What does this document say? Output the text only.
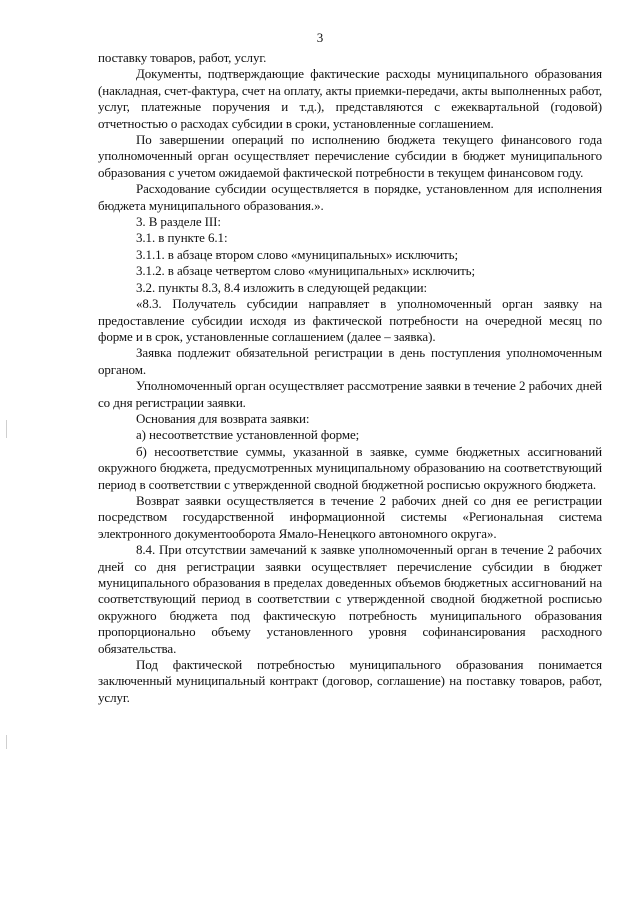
3

поставку товаров, работ, услуг.

Документы, подтверждающие фактические расходы муниципального образования (накладная, счет-фактура, счет на оплату, акты приемки-передачи, акты выполненных работ, услуг, платежные поручения и т.д.), представляются с ежеквартальной (годовой) отчетностью о расходах субсидии в сроки, установленные соглашением.

По завершении операций по исполнению бюджета текущего финансового года уполномоченный орган осуществляет перечисление субсидии в бюджет муниципального образования с учетом ожидаемой фактической потребности в текущем финансовом году.

Расходование субсидии осуществляется в порядке, установленном для исполнения бюджета муниципального образования.».

3. В разделе III:

3.1. в пункте 6.1:

3.1.1. в абзаце втором слово «муниципальных» исключить;

3.1.2. в абзаце четвертом слово «муниципальных» исключить;

3.2. пункты 8.3, 8.4 изложить в следующей редакции:

«8.3. Получатель субсидии направляет в уполномоченный орган заявку на предоставление субсидии исходя из фактической потребности на очередной месяц по форме и в срок, установленные соглашением (далее – заявка).

Заявка подлежит обязательной регистрации в день поступления уполномоченным органом.

Уполномоченный орган осуществляет рассмотрение заявки в течение 2 рабочих дней со дня регистрации заявки.

Основания для возврата заявки:

а) несоответствие установленной форме;

б) несоответствие суммы, указанной в заявке, сумме бюджетных ассигнований окружного бюджета, предусмотренных муниципальному образованию на соответствующий период в соответствии с утвержденной сводной бюджетной росписью окружного бюджета.

Возврат заявки осуществляется в течение 2 рабочих дней со дня ее регистрации посредством государственной информационной системы «Региональная система электронного документооборота Ямало-Ненецкого автономного округа».

8.4. При отсутствии замечаний к заявке уполномоченный орган в течение 2 рабочих дней со дня регистрации заявки осуществляет перечисление субсидии в бюджет муниципального образования в пределах доведенных объемов бюджетных ассигнований на соответствующий период в соответствии с утвержденной сводной бюджетной росписью окружного бюджета под фактическую потребность муниципального образования пропорционально объему установленного уровня софинансирования расходного обязательства.

Под фактической потребностью муниципального образования понимается заключенный муниципальный контракт (договор, соглашение) на поставку товаров, работ, услуг.
